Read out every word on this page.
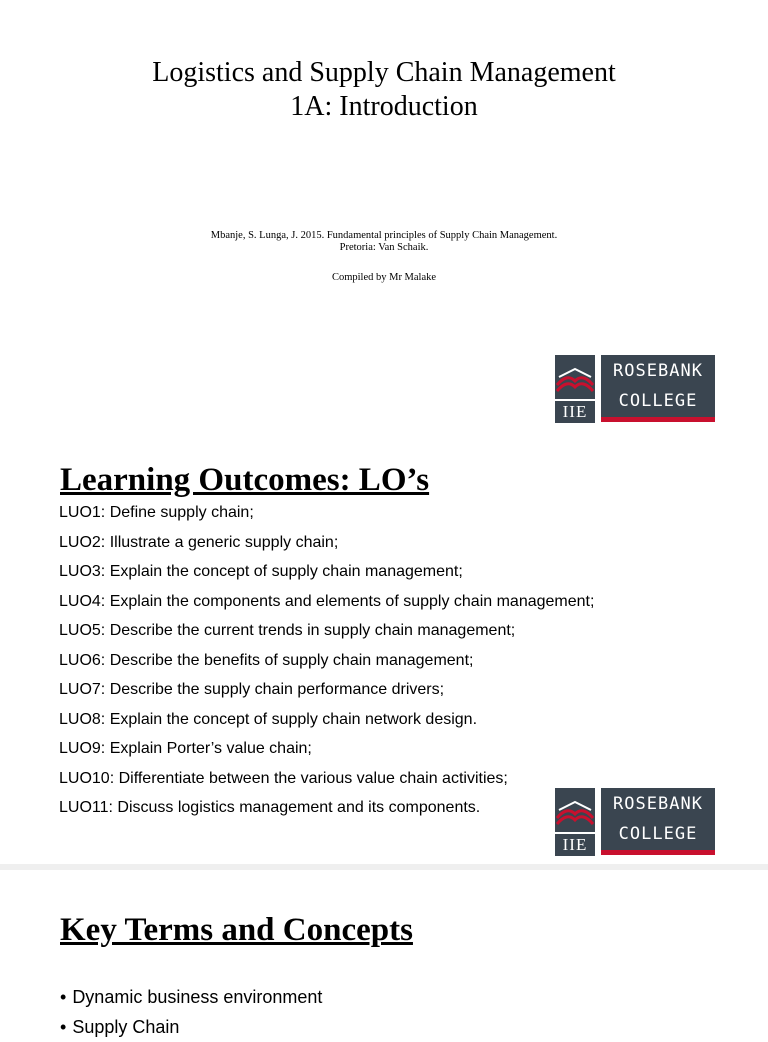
Logistics and Supply Chain Management
1A: Introduction
Mbanje, S. Lunga, J. 2015. Fundamental principles of Supply Chain Management.
Pretoria: Van Schaik.
Compiled by Mr Malake
IIE
ROSEBANK
COLLEGE
Learning Outcomes: LO’s
LUO1: Define supply chain;
LUO2: Illustrate a generic supply chain;
LUO3: Explain the concept of supply chain management;
LUO4: Explain the components and elements of supply chain management;
LUO5: Describe the current trends in supply chain management;
LUO6: Describe the benefits of supply chain management;
LUO7: Describe the supply chain performance drivers;
LUO8: Explain the concept of supply chain network design.
LUO9: Explain Porter’s value chain;
LUO10: Differentiate between the various value chain activities;
LUO11: Discuss logistics management and its components.
IIE
ROSEBANK
COLLEGE
Key Terms and Concepts
• Dynamic business environment
• Supply Chain
